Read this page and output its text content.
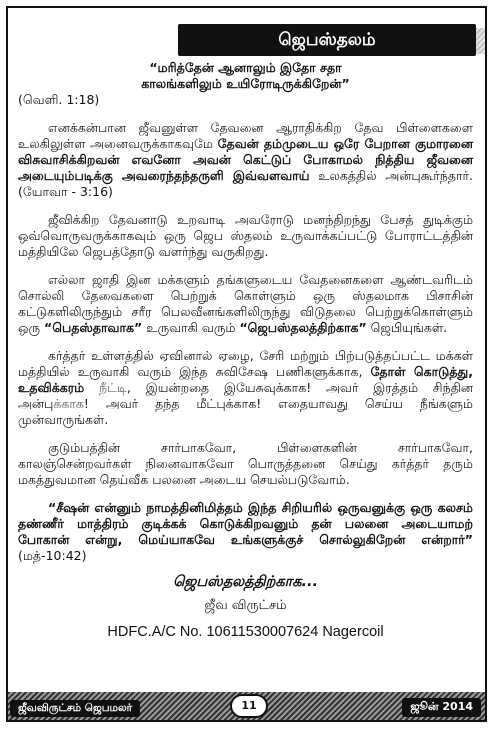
ஜெபஸ்தலம்

“மரித்தேன் ஆனாலும் இதோ சதா

காலங்களிலும் உயிரோடிருக்கிறேன்”

(வெளி. 1:18)

எனக்கன்பான ஜீவனுள்ள தேவனை ஆராதிக்கிற தேவ பிள்ளைகளை உலகிலுள்ள அனைவருக்காகவுமே தேவன் தம்முடைய ஒரே பேறான குமாரனை விசுவாசிக்கிறவன் எவனோ அவன் கெட்டுப் போகாமல் நித்திய ஜீவனை அடையும்படிக்கு அவரைந்தந்தருளி இவ்வளவாய் உலகத்தில் அன்புகூர்ந்தார். (யோவா - 3:16)

ஜீவிக்கிற தேவனாடு உறவாடி அவரோடு மனந்திறந்து பேசத் துடிக்கும் ஒவ்வொருவருக்காகவும் ஒரு ஜெப ஸ்தலம் உருவாக்கப்பட்டு போராட்டத்தின் மத்தியிலே ஜெபத்தோடு வளர்ந்து வருகிறது.

எல்லா ஜாதி இன மக்களும் தங்களுடைய வேதனைகளை ஆண்டவரிடம் சொல்லி தேவைகளை பெற்றுக் கொள்ளும் ஒரு ஸ்தலமாக பிசாசின் கட்டுகளிலிருந்தும் சரீர பெலவீனங்களிலிருந்து விடுதலை பெற்றுக்கொள்ளும் ஒரு “பெதஸ்தாவாக” உருவாகி வரும் “ஜெபஸ்தலத்திற்காக” ஜெபியுங்கள்.

கர்த்தர் உள்ளத்தில் ஏவினால் ஏழை, சேரி மற்றும் பிற்படுத்தப்பட்ட மக்கள் மத்தியில் உருவாகி வரும் இந்த சுவிசேஷ பணிகளுக்காக, தோள் கொடுத்து, உதவிக்கரம் நீட்டி, இயன்றதை இயேசுவுக்காக! அவர் இரத்தம் சிந்தின அன்புக்காக! அவர் தந்த மீட்புக்காக! எதையாவது செய்ய நீங்களும் முன்வாருங்கள்.

குடும்பத்தின் சார்பாகவோ, பிள்ளைகளின் சார்பாகவோ, காலஞ்சென்றவர்கள் நினைவாகவோ பொருத்தனை செய்து கர்த்தர் தரும் மகத்துவமான தெய்வீக பலனை அடைய செயல்படுவோம்.

“சீஷன் என்னும் நாமத்தினிமித்தம் இந்த சிறியரில் ஒருவனுக்கு ஒரு கலசம் தண்ணீர் மாத்திரம் குடிக்கக் கொடுக்கிறவனும் தன் பலனை அடையாமற் போகான் என்று, மெய்யாகவே உங்களுக்குச் சொல்லுகிறேன் என்றார்” (மத்-10:42)

ஜெபஸ்தலத்திற்காக...
ஜீவ விருட்சம்
HDFC.A/C No. 10611530007624 Nagercoil
ஜீவவிருட்சம் ஜெபமலர்	11	ஜூன் 2014
